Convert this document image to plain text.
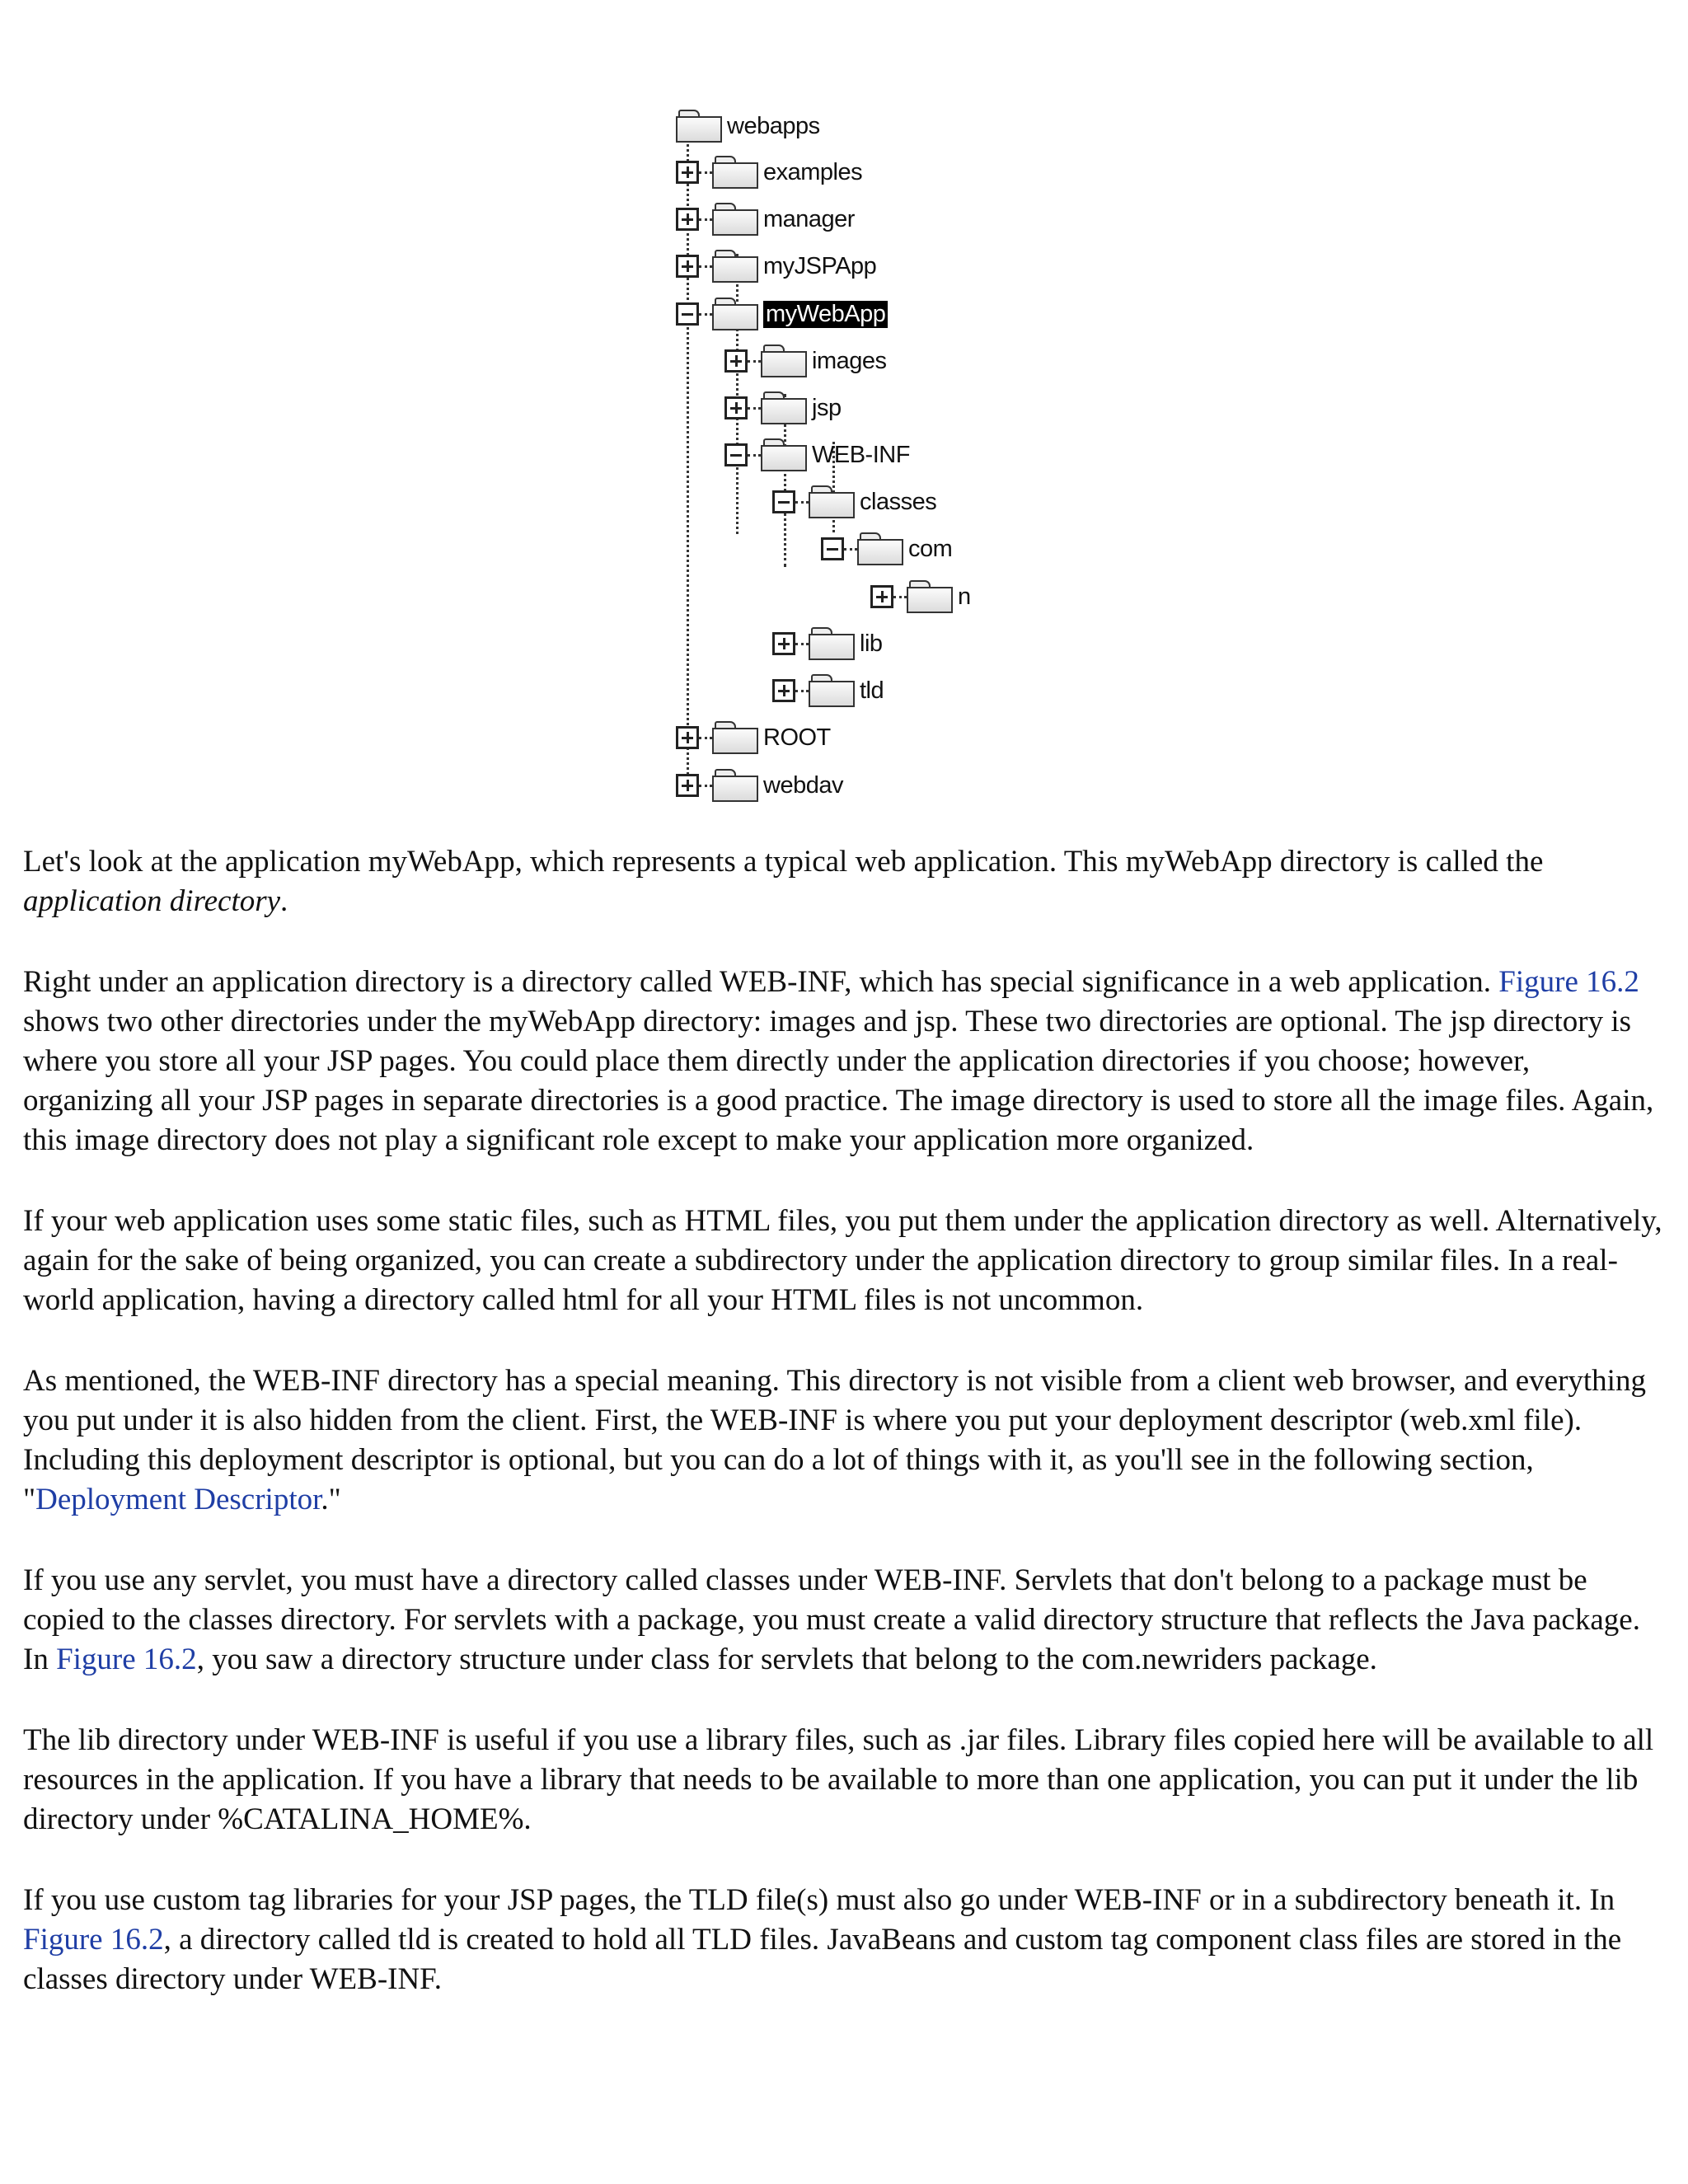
webapps
examples
manager
myJSPApp
myWebApp
images
jsp
WEB-INF
classes
com
n
lib
tld
ROOT
webdav

Let's look at the application myWebApp, which represents a typical web application. This myWebApp directory is called the application directory.

Right under an application directory is a directory called WEB-INF, which has special significance in a web application. Figure 16.2 shows two other directories under the myWebApp directory: images and jsp. These two directories are optional. The jsp directory is where you store all your JSP pages. You could place them directly under the application directories if you choose; however, organizing all your JSP pages in separate directories is a good practice. The image directory is used to store all the image files. Again, this image directory does not play a significant role except to make your application more organized.

If your web application uses some static files, such as HTML files, you put them under the application directory as well. Alternatively, again for the sake of being organized, you can create a subdirectory under the application directory to group similar files. In a real-world application, having a directory called html for all your HTML files is not uncommon.

As mentioned, the WEB-INF directory has a special meaning. This directory is not visible from a client web browser, and everything you put under it is also hidden from the client. First, the WEB-INF is where you put your deployment descriptor (web.xml file). Including this deployment descriptor is optional, but you can do a lot of things with it, as you'll see in the following section, "Deployment Descriptor."

If you use any servlet, you must have a directory called classes under WEB-INF. Servlets that don't belong to a package must be copied to the classes directory. For servlets with a package, you must create a valid directory structure that reflects the Java package. In Figure 16.2, you saw a directory structure under class for servlets that belong to the com.newriders package.

The lib directory under WEB-INF is useful if you use a library files, such as .jar files. Library files copied here will be available to all resources in the application. If you have a library that needs to be available to more than one application, you can put it under the lib directory under %CATALINA_HOME%.

If you use custom tag libraries for your JSP pages, the TLD file(s) must also go under WEB-INF or in a subdirectory beneath it. In Figure 16.2, a directory called tld is created to hold all TLD files. JavaBeans and custom tag component class files are stored in the classes directory under WEB-INF.
